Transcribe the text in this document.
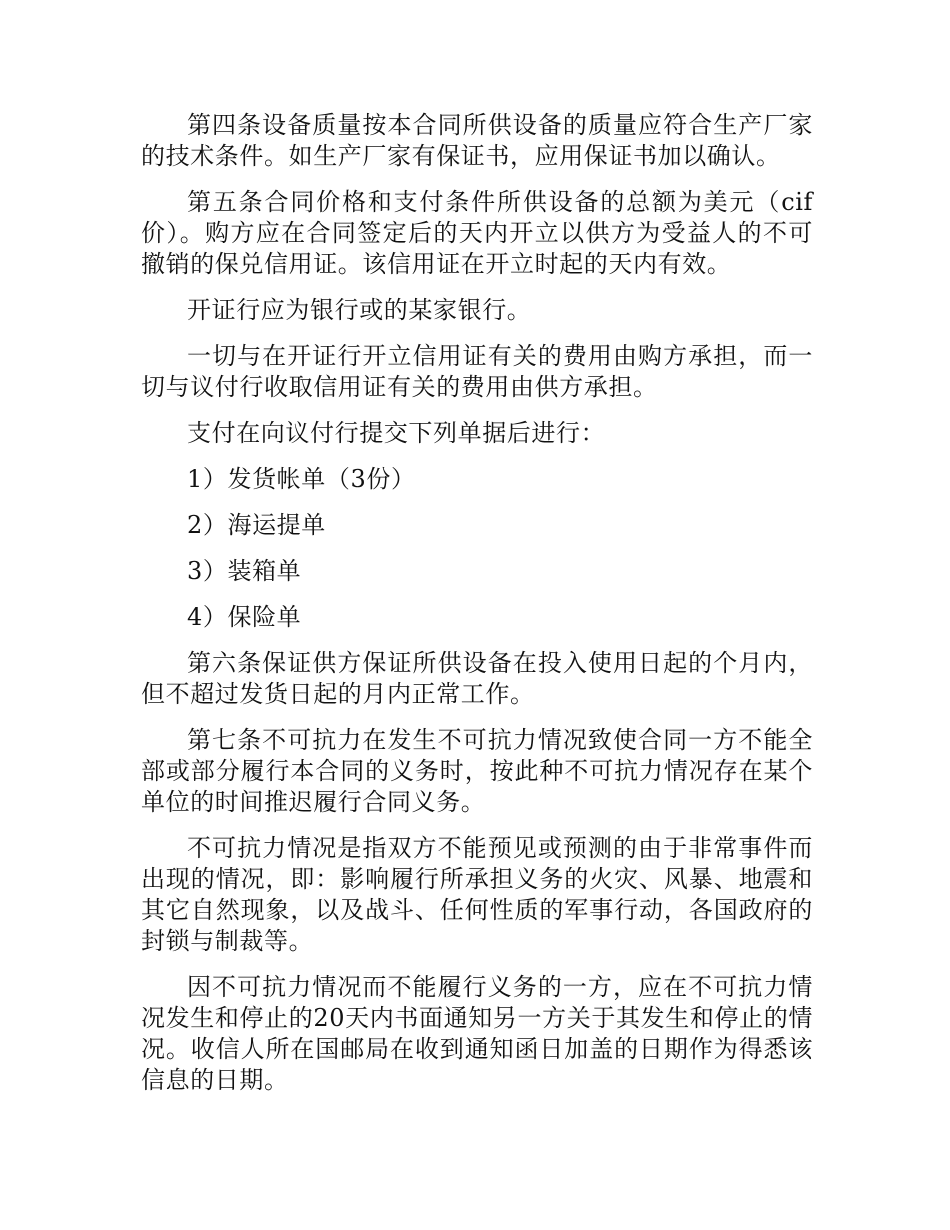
第四条设备质量按本合同所供设备的质量应符合生产厂家的技术条件。如生产厂家有保证书，应用保证书加以确认。

第五条合同价格和支付条件所供设备的总额为美元（cif价）。购方应在合同签定后的天内开立以供方为受益人的不可撤销的保兑信用证。该信用证在开立时起的天内有效。

开证行应为银行或的某家银行。

一切与在开证行开立信用证有关的费用由购方承担，而一切与议付行收取信用证有关的费用由供方承担。

支付在向议付行提交下列单据后进行：

1）发货帐单（3份）

2）海运提单

3）装箱单

4）保险单

第六条保证供方保证所供设备在投入使用日起的个月内，但不超过发货日起的月内正常工作。

第七条不可抗力在发生不可抗力情况致使合同一方不能全部或部分履行本合同的义务时，按此种不可抗力情况存在某个单位的时间推迟履行合同义务。

不可抗力情况是指双方不能预见或预测的由于非常事件而出现的情况，即：影响履行所承担义务的火灾、风暴、地震和其它自然现象，以及战斗、任何性质的军事行动，各国政府的封锁与制裁等。

因不可抗力情况而不能履行义务的一方，应在不可抗力情况发生和停止的20天内书面通知另一方关于其发生和停止的情况。收信人所在国邮局在收到通知函日加盖的日期作为得悉该信息的日期。
